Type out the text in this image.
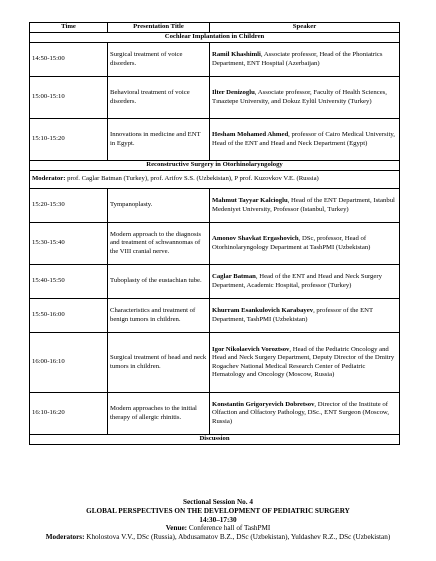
Time	Presentation Title	Speaker
Cochlear Implantation in Children		
14:50-15:00	Surgical treatment of voice disorders.	Ramil Khashimli, Associate professor, Head of the Phoniatrics Department, ENT Hospital (Azerbaijan)
15:00-15:10	Behavioral treatment of voice disorders.	Ilter Denizoglu, Associate professor, Faculty of Health Sciences, Tınaztepe University, and Dokuz Eylül University (Turkey)
15:10-15:20	Innovations in medicine and ENT in Egypt.	Hesham Mohamed Ahmed, professor of Cairo Medical University, Head of the ENT and Head and Neck Department (Egypt)
Reconstructive Surgery in Otorhinolaryngology		
Moderator: prof. Caglar Batman (Turkey), prof. Arifov S.S. (Uzbekistan), P prof. Kuzovkov V.E. (Russia)		
15:20-15:30	Tympanoplasty.	Mahmut Tayyar Kalcioglu, Head of the ENT Department, Istanbul Medeniyet University, Professor (Istanbul, Turkey)
15:30-15:40	Modern approach to the diagnosis and treatment of schwannomas of the VIII cranial nerve.	Amonov Shavkat Ergashovich, DSc, professor, Head of Otorhinolaryngology Department at TashPMI (Uzbekistan)
15:40-15:50	Tuboplasty of the eustachian tube.	Caglar Batman, Head of the ENT and Head and Neck Surgery Department, Academic Hospital, professor (Turkey)
15:50-16:00	Characteristics and treatment of benign tumors in children.	Khurram Esankulovich Karabayev, professor of the ENT Department, TashPMI (Uzbekistan)
16:00-16:10	Surgical treatment of head and neck tumors in children.	Igor Nikolaevich Voroztsov, Head of the Pediatric Oncology and Head and Neck Surgery Department, Deputy Director of the Dmitry Rogachev National Medical Research Center of Pediatric Hematology and Oncology (Moscow, Russia)
16:10-16:20	Modern approaches to the initial therapy of allergic rhinitis.	Konstantin Grigoryevich Dobretsov, Director of the Institute of Olfaction and Olfactory Pathology, DSc., ENT Surgeon (Moscow, Russia)
Discussion		
Sectional Session No. 4
GLOBAL PERSPECTIVES ON THE DEVELOPMENT OF PEDIATRIC SURGERY
14:30–17:30
Venue: Conference hall of TashPMI
Moderators: Kholostova V.V., DSc (Russia), Abdusamatov B.Z., DSc (Uzbekistan), Yuldashev R.Z., DSc (Uzbekistan)
